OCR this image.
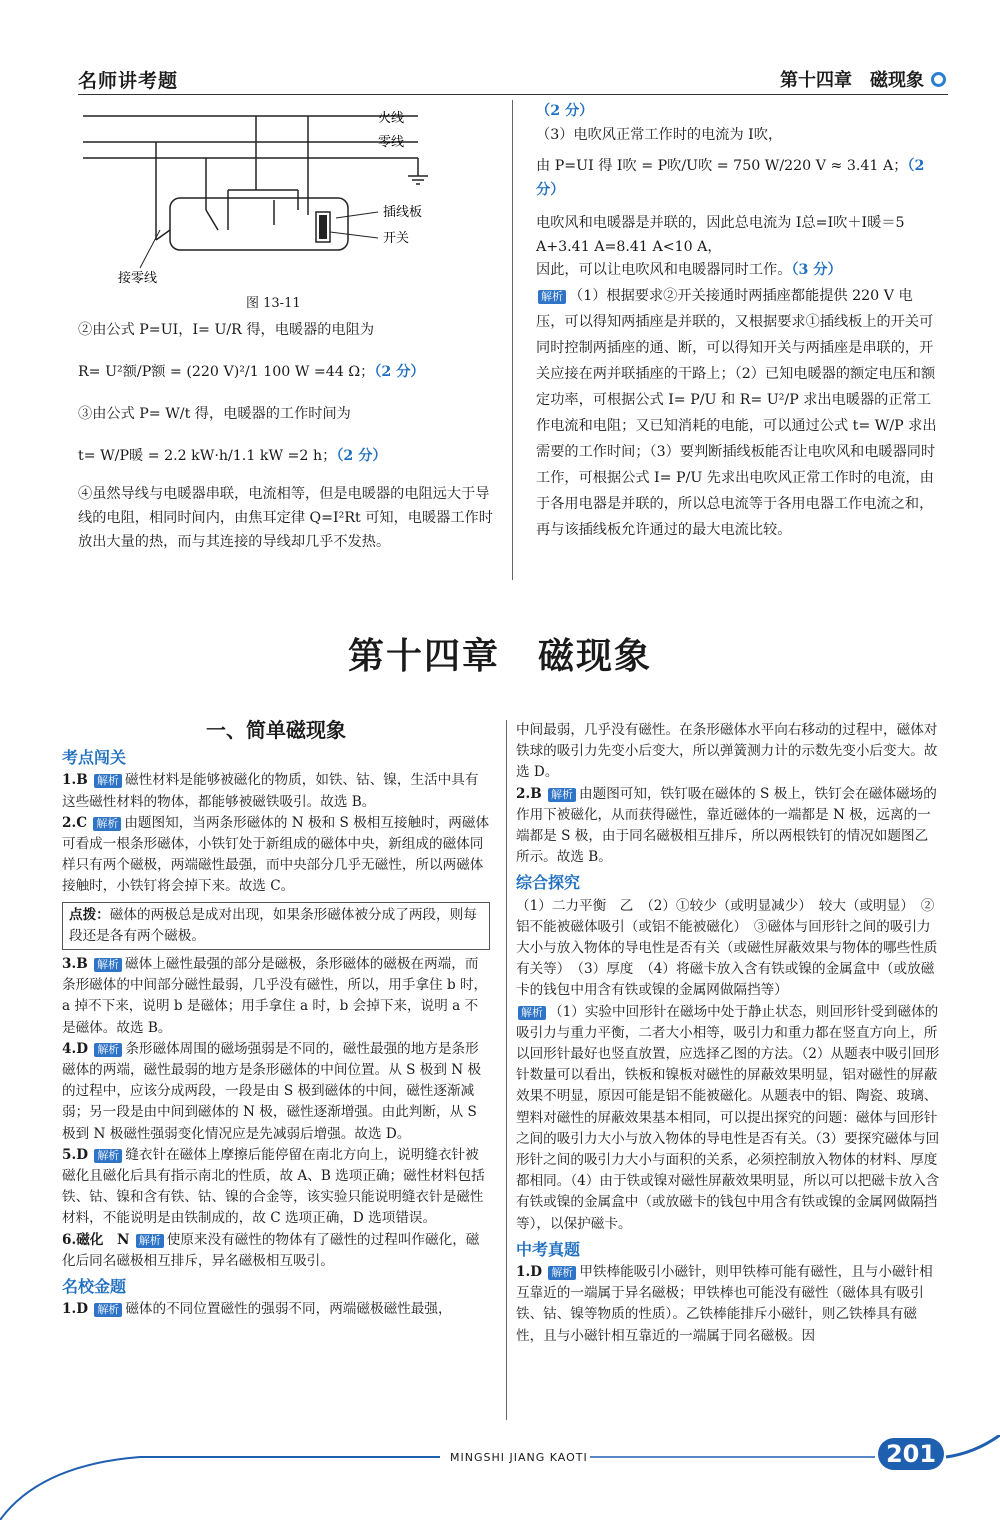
名师讲考题	第十四章　磁现象
火线
零线
插线板
开关
接零线
图 13-11

②由公式 P=UI，I= U/R 得，电暖器的电阻为

R= U²额/P额 = (220 V)²/1 100 W =44 Ω；（2 分）

③由公式 P= W/t 得，电暖器的工作时间为

t= W/P暖 = 2.2 kW·h/1.1 kW =2 h；（2 分）

④虽然导线与电暖器串联，电流相等，但是电暖器的电阻远大于导线的电阻，相同时间内，由焦耳定律 Q=I²Rt 可知，电暖器工作时放出大量的热，而与其连接的导线却几乎不发热。

（2 分）

（3）电吹风正常工作时的电流为 I吹，

由 P=UI 得 I吹 = P吹/U吹 = 750 W/220 V ≈ 3.41 A；（2 分）

电吹风和电暖器是并联的，因此总电流为 I总=I吹＋I暖＝5 A+3.41 A=8.41 A<10 A，

因此，可以让电吹风和电暖器同时工作。（3 分）

解析 （1）根据要求②开关接通时两插座都能提供 220 V 电压，可以得知两插座是并联的，又根据要求①插线板上的开关可同时控制两插座的通、断，可以得知开关与两插座是串联的，开关应接在两并联插座的干路上；（2）已知电暖器的额定电压和额定功率，可根据公式 I= P/U 和 R= U²/P 求出电暖器的正常工作电流和电阻；又已知消耗的电能，可以通过公式 t= W/P 求出需要的工作时间；（3）要判断插线板能否让电吹风和电暖器同时工作，可根据公式 I= P/U 先求出电吹风正常工作时的电流，由于各用电器是并联的，所以总电流等于各用电器工作电流之和，再与该插线板允许通过的最大电流比较。

第十四章　磁现象
一、简单磁现象
考点闯关

1.B 解析 磁性材料是能够被磁化的物质，如铁、钴、镍，生活中具有这些磁性材料的物体，都能够被磁铁吸引。故选 B。

2.C 解析 由题图知，当两条形磁体的 N 极和 S 极相互接触时，两磁体可看成一根条形磁体，小铁钉处于新组成的磁体中央，新组成的磁体同样只有两个磁极，两端磁性最强，而中央部分几乎无磁性，所以两磁体接触时，小铁钉将会掉下来。故选 C。

点拨：磁体的两极总是成对出现，如果条形磁体被分成了两段，则每段还是各有两个磁极。

3.B 解析 磁体上磁性最强的部分是磁极，条形磁体的磁极在两端，而条形磁体的中间部分磁性最弱，几乎没有磁性，所以，用手拿住 b 时，a 掉不下来，说明 b 是磁体；用手拿住 a 时，b 会掉下来，说明 a 不是磁体。故选 B。

4.D 解析 条形磁体周围的磁场强弱是不同的，磁性最强的地方是条形磁体的两端，磁性最弱的地方是条形磁体的中间位置。从 S 极到 N 极的过程中，应该分成两段，一段是由 S 极到磁体的中间，磁性逐渐减弱；另一段是由中间到磁体的 N 极，磁性逐渐增强。由此判断，从 S 极到 N 极磁性强弱变化情况应是先减弱后增强。故选 D。

5.D 解析 缝衣针在磁体上摩擦后能停留在南北方向上，说明缝衣针被磁化且磁化后具有指示南北的性质，故 A、B 选项正确；磁性材料包括铁、钴、镍和含有铁、钴、镍的合金等，该实验只能说明缝衣针是磁性材料，不能说明是由铁制成的，故 C 选项正确，D 选项错误。

6.磁化　N 解析 使原来没有磁性的物体有了磁性的过程叫作磁化，磁化后同名磁极相互排斥，异名磁极相互吸引。

名校金题

1.D 解析 磁体的不同位置磁性的强弱不同，两端磁极磁性最强，

中间最弱，几乎没有磁性。在条形磁体水平向右移动的过程中，磁体对铁球的吸引力先变小后变大，所以弹簧测力计的示数先变小后变大。故选 D。

2.B 解析 由题图可知，铁钉吸在磁体的 S 极上，铁钉会在磁体磁场的作用下被磁化，从而获得磁性，靠近磁体的一端都是 N 极，远离的一端都是 S 极，由于同名磁极相互排斥，所以两根铁钉的情况如题图乙所示。故选 B。

综合探究

（1）二力平衡　乙　（2）①较少（或明显减少）　较大（或明显）　②铝不能被磁体吸引（或铝不能被磁化）　③磁体与回形针之间的吸引力大小与放入物体的导电性是否有关（或磁性屏蔽效果与物体的哪些性质有关等）　（3）厚度　（4）将磁卡放入含有铁或镍的金属盒中（或放磁卡的钱包中用含有铁或镍的金属网做隔挡等）

解析 （1）实验中回形针在磁场中处于静止状态，则回形针受到磁体的吸引力与重力平衡，二者大小相等，吸引力和重力都在竖直方向上，所以回形针最好也竖直放置，应选择乙图的方法。（2）从题表中吸引回形针数量可以看出，铁板和镍板对磁性的屏蔽效果明显，铝对磁性的屏蔽效果不明显，原因可能是铝不能被磁化。从题表中的铝、陶瓷、玻璃、塑料对磁性的屏蔽效果基本相同，可以提出探究的问题：磁体与回形针之间的吸引力大小与放入物体的导电性是否有关。（3）要探究磁体与回形针之间的吸引力大小与面积的关系，必须控制放入物体的材料、厚度都相同。（4）由于铁或镍对磁性屏蔽效果明显，所以可以把磁卡放入含有铁或镍的金属盒中（或放磁卡的钱包中用含有铁或镍的金属网做隔挡等），以保护磁卡。

中考真题

1.D 解析 甲铁棒能吸引小磁针，则甲铁棒可能有磁性，且与小磁针相互靠近的一端属于异名磁极；甲铁棒也可能没有磁性（磁体具有吸引铁、钴、镍等物质的性质）。乙铁棒能排斥小磁针，则乙铁棒具有磁性，且与小磁针相互靠近的一端属于同名磁极。因

MINGSHI JIANG KAOTI	201
